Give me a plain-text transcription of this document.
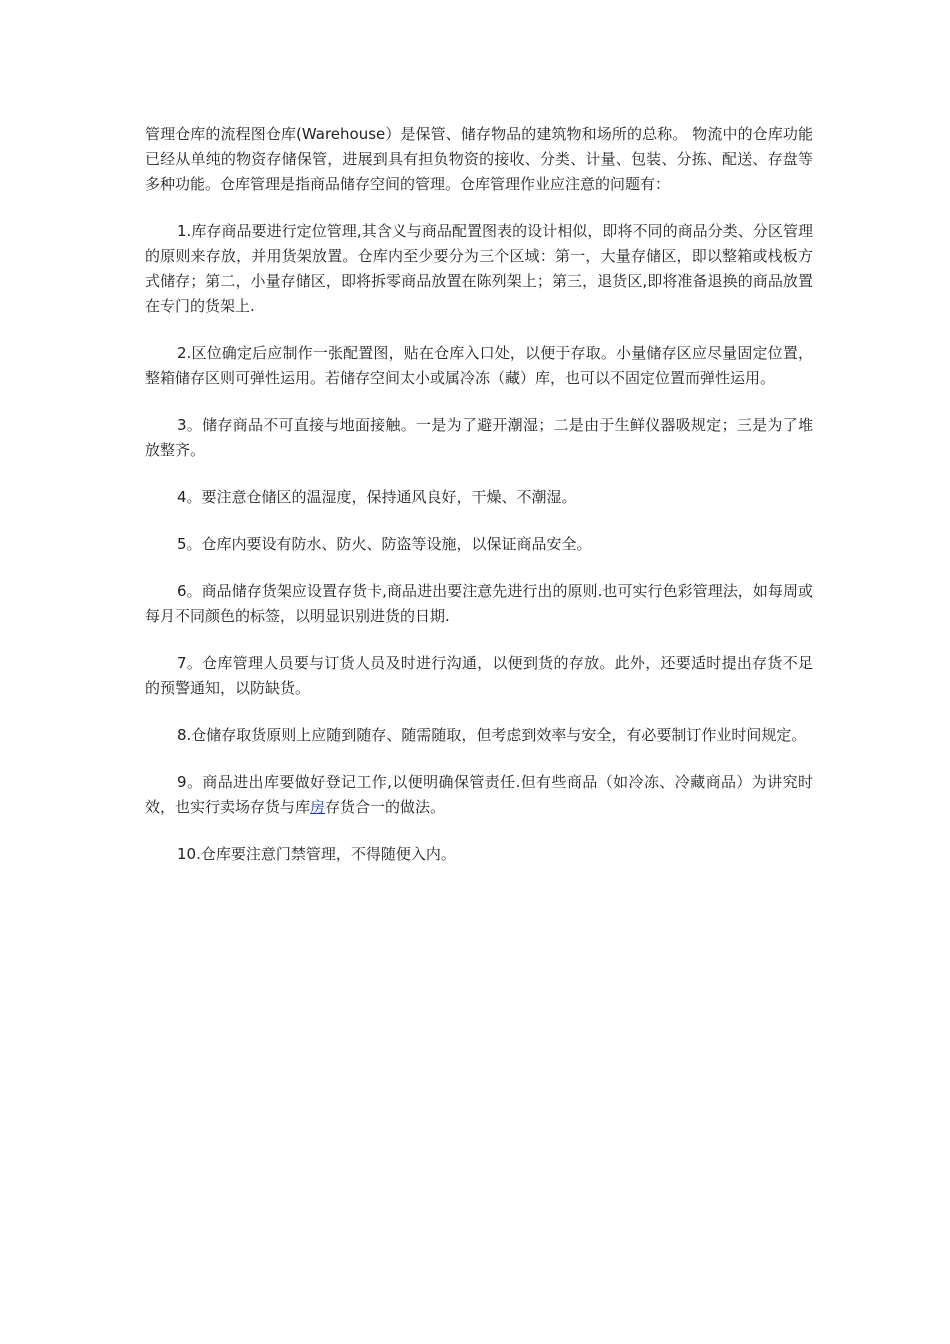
管理仓库的流程图仓库(Warehouse）是保管、储存物品的建筑物和场所的总称。 物流中的仓库功能已经从单纯的物资存储保管，进展到具有担负物资的接收、分类、计量、包装、分拣、配送、存盘等多种功能。仓库管理是指商品储存空间的管理。仓库管理作业应注意的问题有：

1.库存商品要进行定位管理,其含义与商品配置图表的设计相似，即将不同的商品分类、分区管理的原则来存放，并用货架放置。仓库内至少要分为三个区域：第一，大量存储区，即以整箱或栈板方式储存；第二，小量存储区，即将拆零商品放置在陈列架上；第三，退货区,即将准备退换的商品放置在专门的货架上.

2.区位确定后应制作一张配置图，贴在仓库入口处，以便于存取。小量储存区应尽量固定位置，整箱储存区则可弹性运用。若储存空间太小或属冷冻（藏）库，也可以不固定位置而弹性运用。

3。储存商品不可直接与地面接触。一是为了避开潮湿；二是由于生鲜仪器吸规定；三是为了堆放整齐。

4。要注意仓储区的温湿度，保持通风良好，干燥、不潮湿。

5。仓库内要设有防水、防火、防盗等设施，以保证商品安全。

6。商品储存货架应设置存货卡,商品进出要注意先进行出的原则.也可实行色彩管理法，如每周或每月不同颜色的标签，以明显识别进货的日期.

7。仓库管理人员要与订货人员及时进行沟通，以便到货的存放。此外，还要适时提出存货不足的预警通知，以防缺货。

8.仓储存取货原则上应随到随存、随需随取，但考虑到效率与安全，有必要制订作业时间规定。

9。商品进出库要做好登记工作,以便明确保管责任.但有些商品（如冷冻、冷藏商品）为讲究时效，也实行卖场存货与库房存货合一的做法。

10.仓库要注意门禁管理，不得随便入内。
